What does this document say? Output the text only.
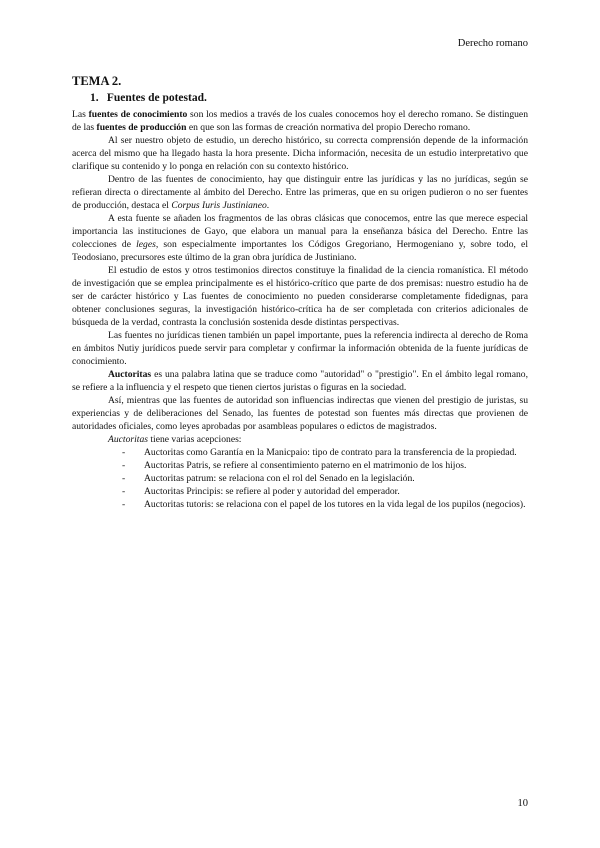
Derecho romano
TEMA 2.
1. Fuentes de potestad.

Las fuentes de conocimiento son los medios a través de los cuales conocemos hoy el derecho romano. Se distinguen de las fuentes de producción en que son las formas de creación normativa del propio Derecho romano.

Al ser nuestro objeto de estudio, un derecho histórico, su correcta comprensión depende de la información acerca del mismo que ha llegado hasta la hora presente. Dicha información, necesita de un estudio interpretativo que clarifique su contenido y lo ponga en relación con su contexto histórico.

Dentro de las fuentes de conocimiento, hay que distinguir entre las jurídicas y las no jurídicas, según se refieran directa o directamente al ámbito del Derecho. Entre las primeras, que en su origen pudieron o no ser fuentes de producción, destaca el Corpus Iuris Justinianeo.

A esta fuente se añaden los fragmentos de las obras clásicas que conocemos, entre las que merece especial importancia las instituciones de Gayo, que elabora un manual para la enseñanza básica del Derecho. Entre las colecciones de leges, son especialmente importantes los Códigos Gregoriano, Hermogeniano y, sobre todo, el Teodosiano, precursores este último de la gran obra jurídica de Justiniano.

El estudio de estos y otros testimonios directos constituye la finalidad de la ciencia romanística. El método de investigación que se emplea principalmente es el histórico-crítico que parte de dos premisas: nuestro estudio ha de ser de carácter histórico y Las fuentes de conocimiento no pueden considerarse completamente fidedignas, para obtener conclusiones seguras, la investigación histórico-crítica ha de ser completada con criterios adicionales de búsqueda de la verdad, contrasta la conclusión sostenida desde distintas perspectivas.

Las fuentes no jurídicas tienen también un papel importante, pues la referencia indirecta al derecho de Roma en ámbitos Nutiy jurídicos puede servir para completar y confirmar la información obtenida de la fuente jurídicas de conocimiento.

Auctoritas es una palabra latina que se traduce como "autoridad" o "prestigio". En el ámbito legal romano, se refiere a la influencia y el respeto que tienen ciertos juristas o figuras en la sociedad.

Así, mientras que las fuentes de autoridad son influencias indirectas que vienen del prestigio de juristas, su experiencias y de deliberaciones del Senado, las fuentes de potestad son fuentes más directas que provienen de autoridades oficiales, como leyes aprobadas por asambleas populares o edictos de magistrados.

Auctoritas tiene varias acepciones:

- Auctoritas como Garantía en la Manicpaio: tipo de contrato para la transferencia de la propiedad.
- Auctoritas Patris, se refiere al consentimiento paterno en el matrimonio de los hijos.
- Auctoritas patrum: se relaciona con el rol del Senado en la legislación.
- Auctoritas Principis: se refiere al poder y autoridad del emperador.
- Auctoritas tutoris: se relaciona con el papel de los tutores en la vida legal de los pupilos (negocios).
10
